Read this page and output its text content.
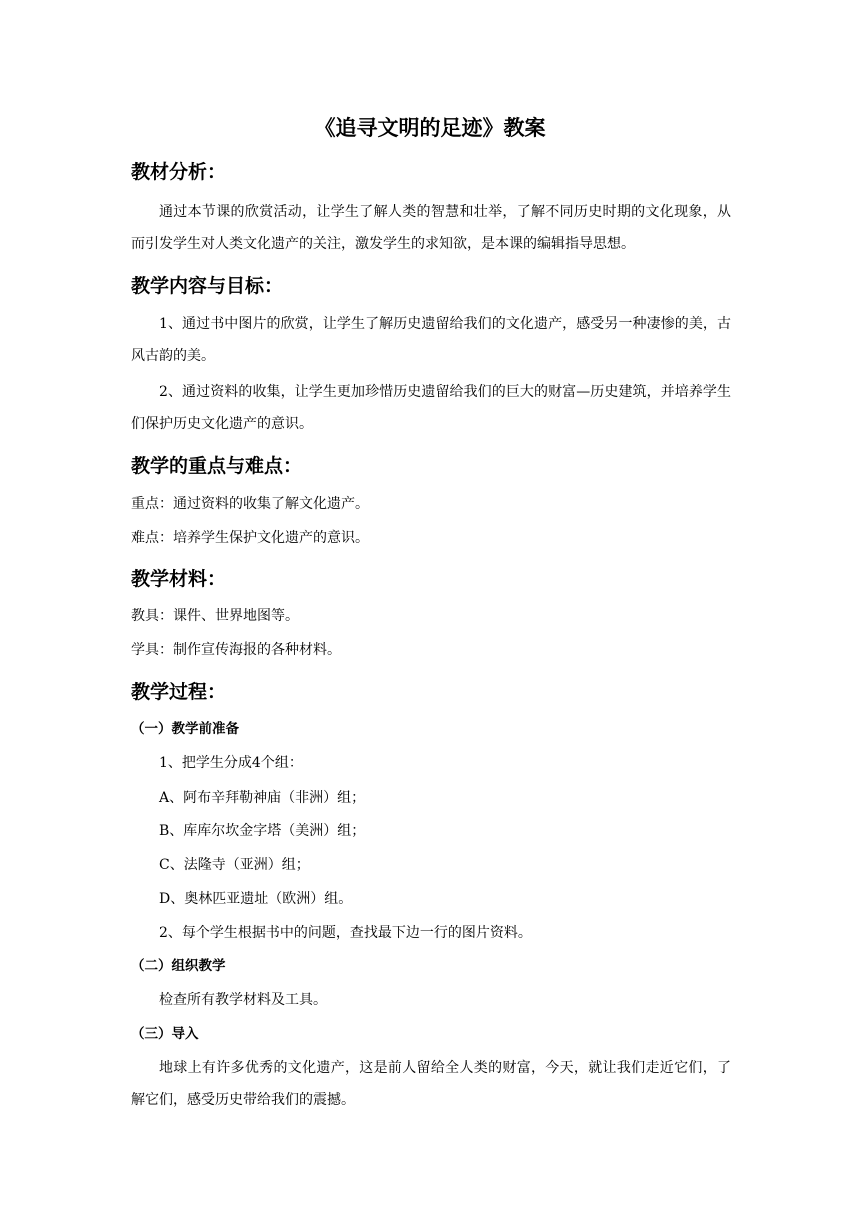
《追寻文明的足迹》教案
教材分析：

通过本节课的欣赏活动，让学生了解人类的智慧和壮举，了解不同历史时期的文化现象，从而引发学生对人类文化遗产的关注，激发学生的求知欲，是本课的编辑指导思想。

教学内容与目标：

1、通过书中图片的欣赏，让学生了解历史遗留给我们的文化遗产，感受另一种凄惨的美，古风古韵的美。

2、通过资料的收集，让学生更加珍惜历史遗留给我们的巨大的财富—历史建筑，并培养学生们保护历史文化遗产的意识。

教学的重点与难点：

重点：通过资料的收集了解文化遗产。

难点：培养学生保护文化遗产的意识。

教学材料：

教具：课件、世界地图等。

学具：制作宣传海报的各种材料。

教学过程：
（一）教学前准备

1、把学生分成4个组：

A、阿布辛拜勒神庙（非洲）组；

B、库库尔坎金字塔（美洲）组；

C、法隆寺（亚洲）组；

D、奥林匹亚遗址（欧洲）组。

2、每个学生根据书中的问题，查找最下边一行的图片资料。

（二）组织教学

检查所有教学材料及工具。

（三）导入

地球上有许多优秀的文化遗产，这是前人留给全人类的财富，今天，就让我们走近它们，了解它们，感受历史带给我们的震撼。
